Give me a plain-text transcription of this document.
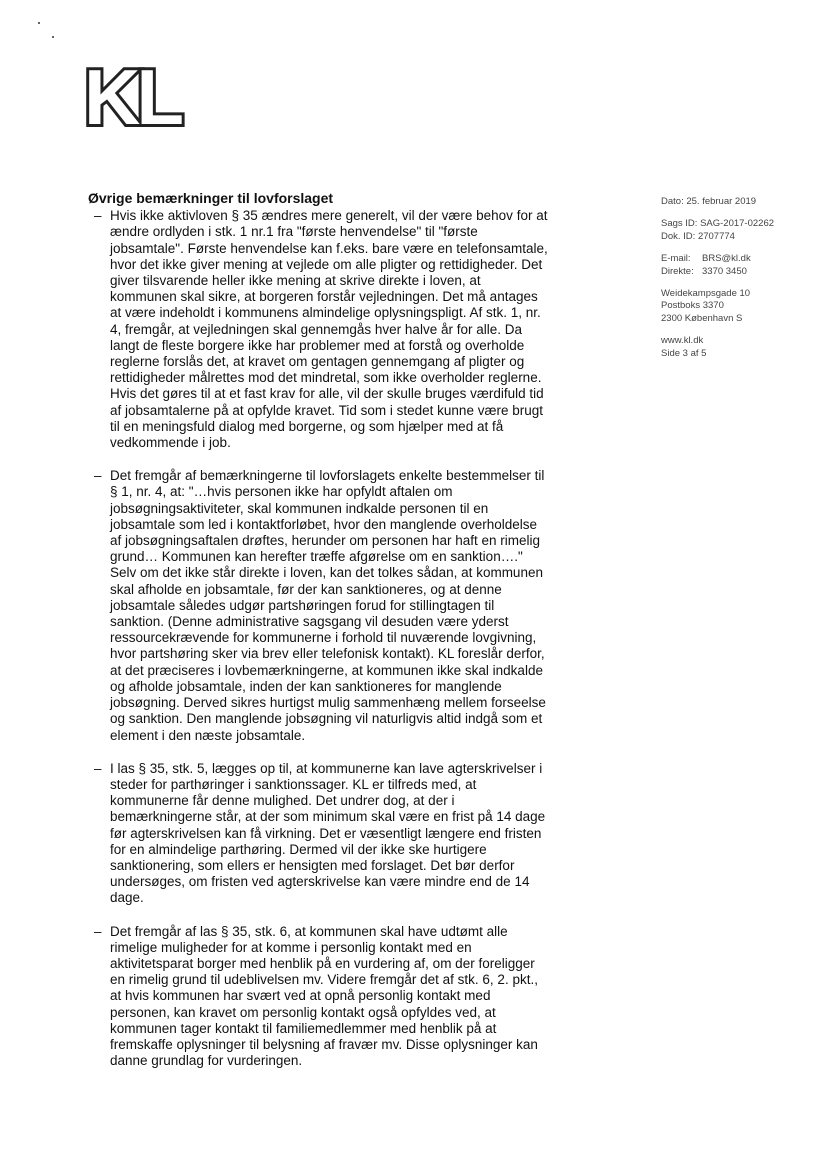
KL
Øvrige bemærkninger til lovforslaget
– Hvis ikke aktivloven § 35 ændres mere generelt, vil der være behov for at ændre ordlyden i stk. 1 nr.1 fra "første henvendelse" til "første jobsamtale". Første henvendelse kan f.eks. bare være en telefonsamtale, hvor det ikke giver mening at vejlede om alle pligter og rettidigheder. Det giver tilsvarende heller ikke mening at skrive direkte i loven, at kommunen skal sikre, at borgeren forstår vejledningen. Det må antages at være indeholdt i kommunens almindelige oplysningspligt. Af stk. 1, nr. 4, fremgår, at vejledningen skal gennemgås hver halve år for alle. Da langt de fleste borgere ikke har problemer med at forstå og overholde reglerne forslås det, at kravet om gentagen gennemgang af pligter og rettidigheder målrettes mod det mindretal, som ikke overholder reglerne. Hvis det gøres til at et fast krav for alle, vil der skulle bruges værdifuld tid af jobsamtalerne på at opfylde kravet. Tid som i stedet kunne være brugt til en meningsfuld dialog med borgerne, og som hjælper med at få vedkommende i job.
– Det fremgår af bemærkningerne til lovforslagets enkelte bestemmelser til § 1, nr. 4, at: "…hvis personen ikke har opfyldt aftalen om jobsøgningsaktiviteter, skal kommunen indkalde personen til en jobsamtale som led i kontaktforløbet, hvor den manglende overholdelse af jobsøgningsaftalen drøftes, herunder om personen har haft en rimelig grund… Kommunen kan herefter træffe afgørelse om en sanktion…." Selv om det ikke står direkte i loven, kan det tolkes sådan, at kommunen skal afholde en jobsamtale, før der kan sanktioneres, og at denne jobsamtale således udgør partshøringen forud for stillingtagen til sanktion. (Denne administrative sagsgang vil desuden være yderst ressourcekrævende for kommunerne i forhold til nuværende lovgivning, hvor partshøring sker via brev eller telefonisk kontakt). KL foreslår derfor, at det præciseres i lovbemærkningerne, at kommunen ikke skal indkalde og afholde jobsamtale, inden der kan sanktioneres for manglende jobsøgning. Derved sikres hurtigst mulig sammenhæng mellem forseelse og sanktion. Den manglende jobsøgning vil naturligvis altid indgå som et element i den næste jobsamtale.
– I las § 35, stk. 5, lægges op til, at kommunerne kan lave agterskrivelser i steder for parthøringer i sanktionssager. KL er tilfreds med, at kommunerne får denne mulighed. Det undrer dog, at der i bemærkningerne står, at der som minimum skal være en frist på 14 dage før agterskrivelsen kan få virkning. Det er væsentligt længere end fristen for en almindelige parthøring. Dermed vil der ikke ske hurtigere sanktionering, som ellers er hensigten med forslaget. Det bør derfor undersøges, om fristen ved agterskrivelse kan være mindre end de 14 dage.
– Det fremgår af las § 35, stk. 6, at kommunen skal have udtømt alle rimelige muligheder for at komme i personlig kontakt med en aktivitetsparat borger med henblik på en vurdering af, om der foreligger en rimelig grund til udeblivelsen mv. Videre fremgår det af stk. 6, 2. pkt., at hvis kommunen har svært ved at opnå personlig kontakt med personen, kan kravet om personlig kontakt også opfyldes ved, at kommunen tager kontakt til familiemedlemmer med henblik på at fremskaffe oplysninger til belysning af fravær mv. Disse oplysninger kan danne grundlag for vurderingen.
Dato: 25. februar 2019
Sags ID: SAG-2017-02262
Dok. ID: 2707774
E-mail:	BRS@kl.dk
Direkte: 3370 3450
Weidekampsgade 10
Postboks 3370
2300 København S
www.kl.dk
Side 3 af 5
